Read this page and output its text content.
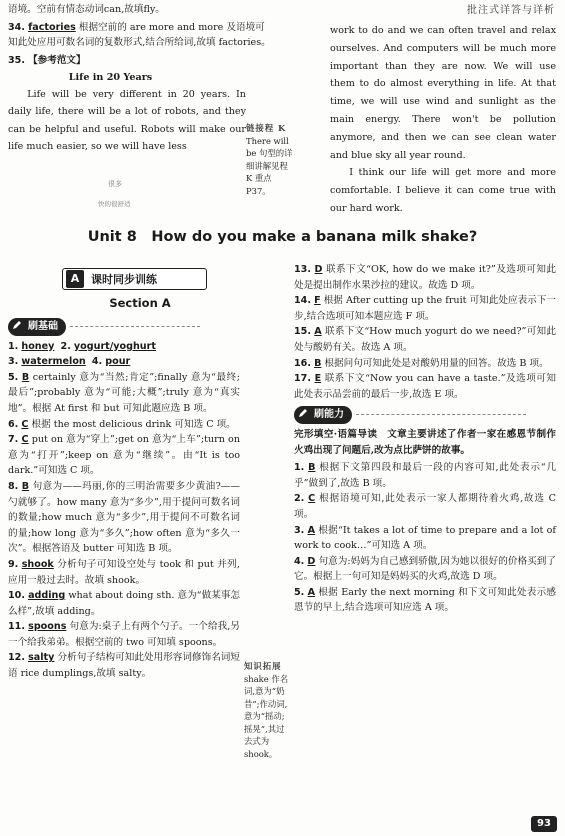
批注式详答与详析

语境。空前有情态动词can,故填fly。

34. factories 根据空前的 are more and more 及语境可知此处应用可数名词的复数形式,结合所给词,故填 factories。

35. 【参考范文】

Life in 20 Years

Life will be very different in 20 years. In daily life, there will be a lot of robots, and they can be helpful and useful. Robots will make our life much easier, so we will have less

很多
快的很舒适
链接程 K
There will be 句型的详细讲解见程 K 重点 P37。

work to do and we can often travel and relax ourselves. And computers will be much more important than they are now. We will use them to do almost everything in life. At that time, we will use wind and sunlight as the main energy. There won't be pollution anymore, and then we can see clean water and blue sky all year round.

I think our life will get more and more comfortable. I believe it can come true with our hard work.

Unit 8　How do you make a banana milk shake?
课时同步训练
A
Section A
刷基础

1. honey 2. yogurt/yoghurt

3. watermelon 4. pour

5. B certainly 意为“当然;肯定”;finally 意为“最终;最后”;probably 意为“可能;大概”;truly 意为“真实地”。根据 At first 和 but 可知此题应选 B 项。

6. C 根据 the most delicious drink 可知选 C 项。

7. C put on 意为“穿上”;get on 意为“上车”;turn on 意为“打开”;keep on 意为“继续”。由“It is too dark.”可知选 C 项。

8. B 句意为——玛丽,你的三明治需要多少黄油?——勺就够了。how many 意为“多少”,用于提问可数名词的数量;how much 意为“多少”,用于提问不可数名词的量;how long 意为“多久”;how often 意为“多久一次”。根据答语及 butter 可知选 B 项。

9. shook 分析句子可知设空处与 took 和 put 并列,应用一般过去时。故填 shook。

10. adding what about doing sth. 意为“做某事怎么样”,故填 adding。

11. spoons 句意为:桌子上有两个勺子。一个给我,另一个给我弟弟。根据空前的 two 可知填 spoons。

12. salty 分析句子结构可知此处用形容词修饰名词短语 rice dumplings,故填 salty。

知识拓展
shake 作名词,意为“奶昔”;作动词,意为“摇动;摇晃”,其过去式为 shook。

13. D 联系下文“OK, how do we make it?”及选项可知此处是提出制作水果沙拉的建议。故选 D 项。

14. F 根据 After cutting up the fruit 可知此处应表示下一步,结合选项可知本题应选 F 项。

15. A 联系下文“How much yogurt do we need?”可知此处与酸奶有关。故选 A 项。

16. B 根据问句可知此处是对酸奶用量的回答。故选 B 项。

17. E 联系下文“Now you can have a taste.”及选项可知此处表示品尝前的最后一步,故选 E 项。

刷能力

完形填空·语篇导读　文章主要讲述了作者一家在感恩节制作火鸡出现了问题后,改为点比萨饼的故事。

1. B 根据下文第四段和最后一段的内容可知,此处表示“几乎”做到了,故选 B 项。

2. C 根据语境可知,此处表示一家人都期待着火鸡,故选 C 项。

3. A 根据“It takes a lot of time to prepare and a lot of work to cook…”可知选 A 项。

4. D 句意为:妈妈为自己感到骄傲,因为她以很好的价格买到了它。根据上一句可知是妈妈买的火鸡,故选 D 项。

5. A 根据 Early the next morning 和下文可知此处表示感恩节的早上,结合选项可知应选 A 项。

93
